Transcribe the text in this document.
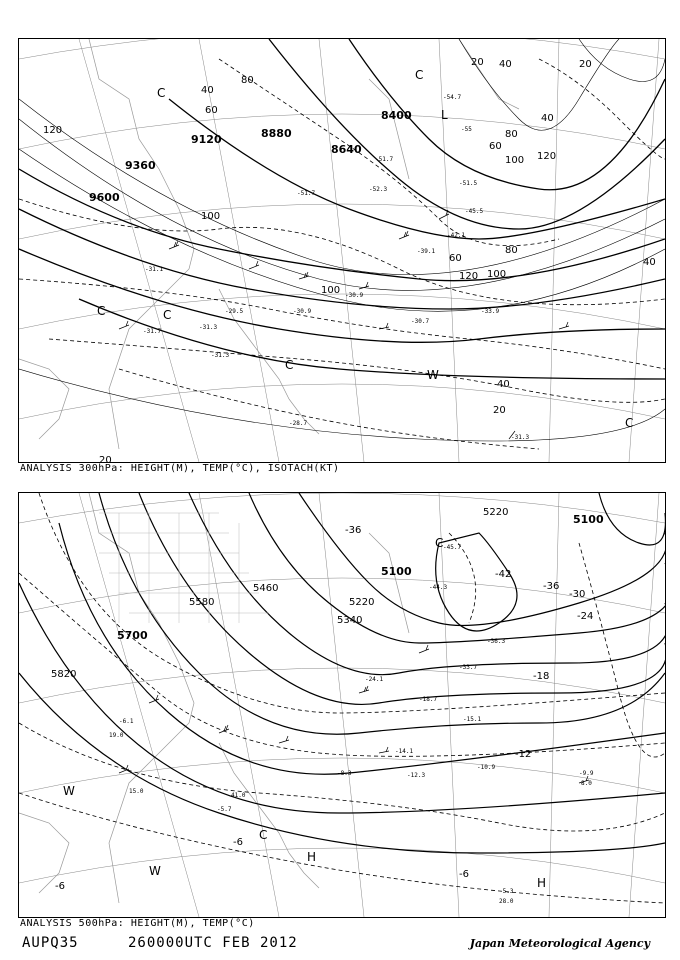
8400
8640
8880
9120
9360
9600
20 40
60
80
100 120
20
40
60
80
100
120
40
60
80
100
40
20
120
100
40
20
C
C
C	C
C
C
W
L
-54.7
-52.3
-51.5
-51.7
-55
-51.7
-45.5
-42.1
-39.1
-31.1
-31.7
-31.3
-30.9
-30.7
-33.9
-30.9
-31.3
-29.5
-28.7
-31.3
ANALYSIS 300hPa: HEIGHT(M), TEMP(°C), ISOTACH(KT)
5100
5220
5100
5220
5340
5460
5580
5700
5820
-42
-36
-30
-24
-18
-12
-6
-36
-6
-6
C
C
W
W
H
H
-45.7
-44.3
-36.3
-33.7
-24.1
-18.7
-15.1
-14.1
-10.9
-9.9
-5.3
-5.7
-6.1
-8.3	-12.3
28.0
19.0
15.0
8.0
41.0
ANALYSIS 500hPa: HEIGHT(M), TEMP(°C)
AUPQ35	260000UTC FEB 2012	Japan Meteorological Agency
